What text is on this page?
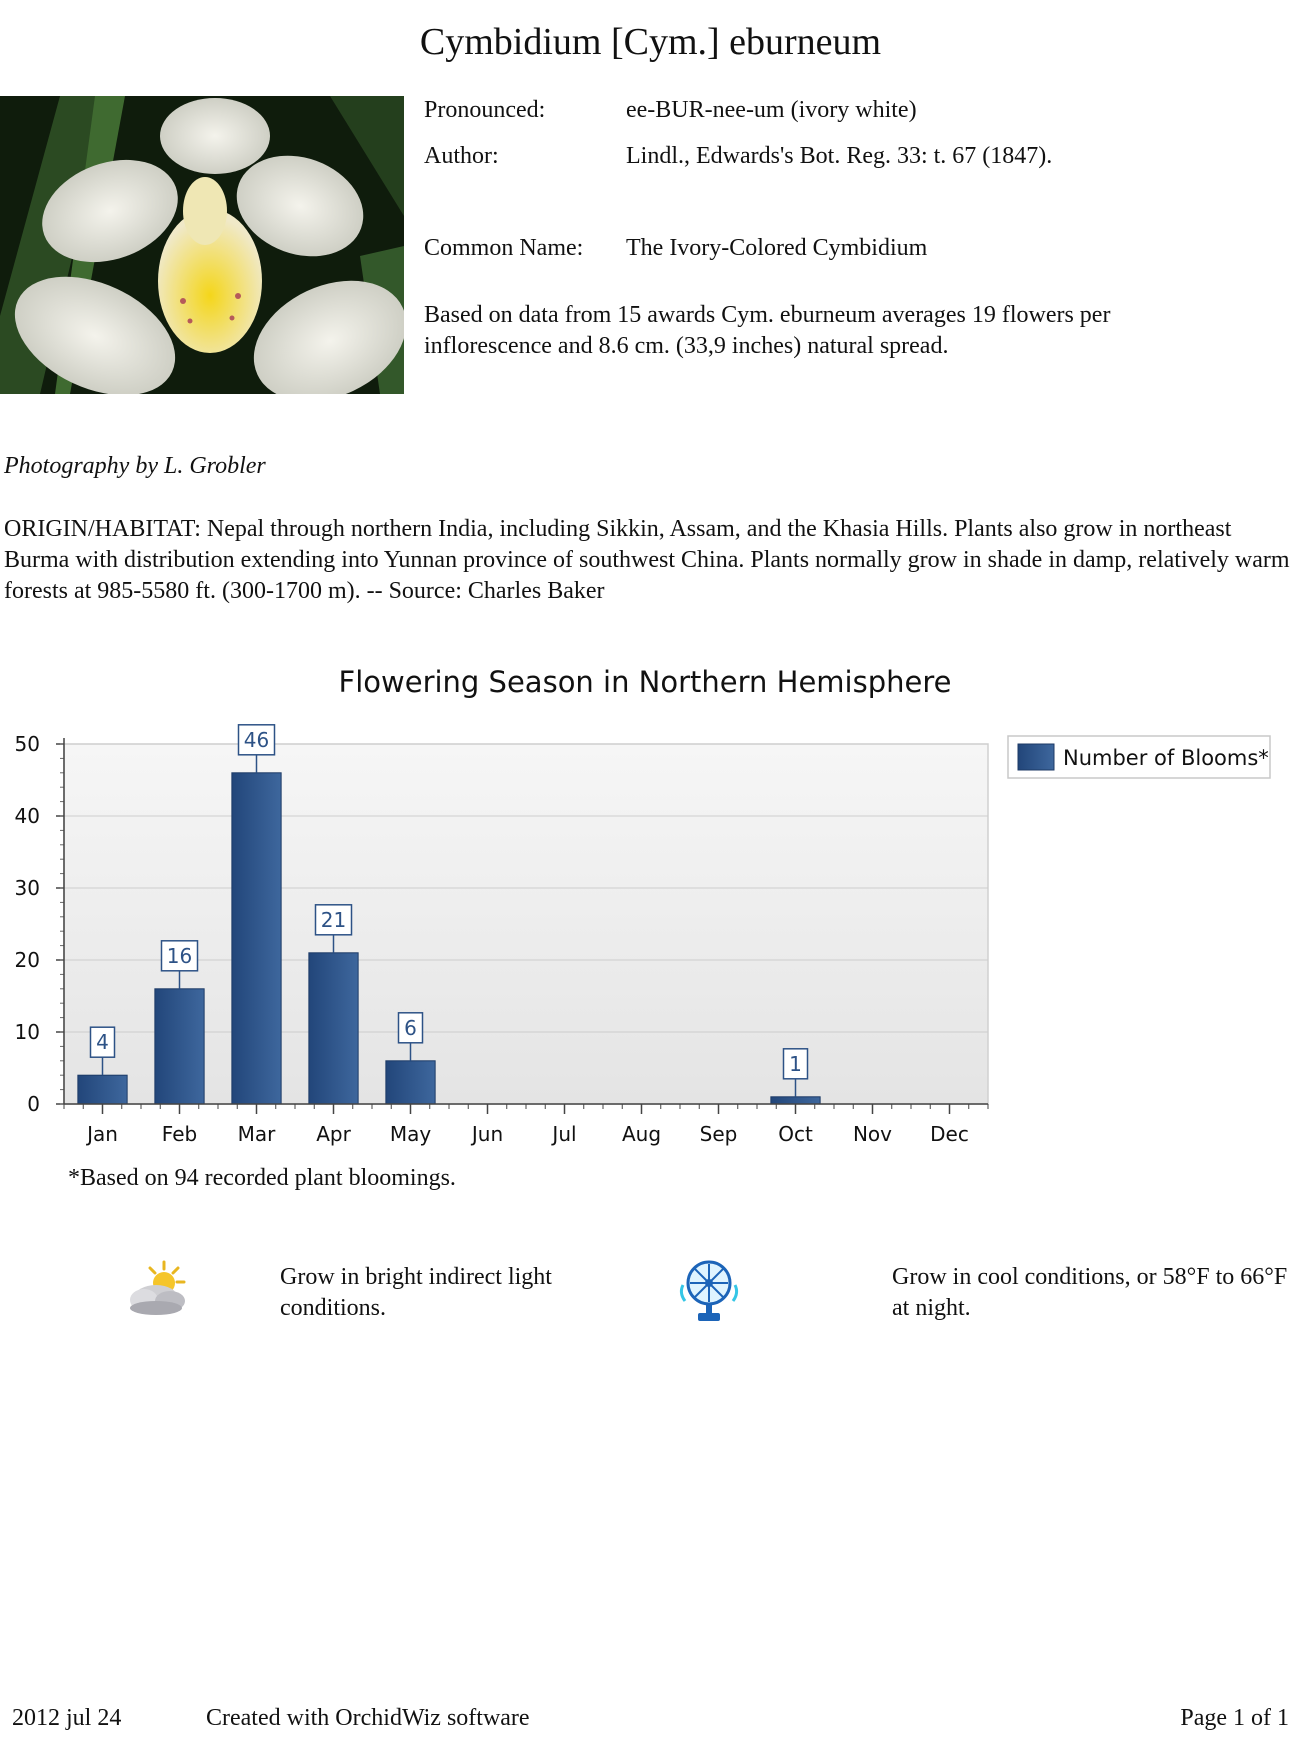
Cymbidium [Cym.] eburneum
Pronounced:	ee-BUR-nee-um (ivory white)
Author:	Lindl., Edwards's Bot. Reg. 33: t. 67 (1847).
Common Name: The Ivory-Colored Cymbidium
Based on data from 15 awards Cym. eburneum averages 19 flowers per inflorescence and 8.6 cm. (33,9 inches) natural spread.
Photography by L. Grobler
ORIGIN/HABITAT: Nepal through northern India, including Sikkin, Assam, and the Khasia Hills. Plants also grow in northeast Burma with distribution extending into Yunnan province of southwest China. Plants normally grow in shade in damp, relatively warm forests at 985-5580 ft. (300-1700 m). -- Source: Charles Baker
Flowering Season in Northern Hemisphere
4
16
46
21
6
1
0
10
20
30
40
50
Jan Feb Mar Apr May Jun Jul Aug Sep Oct Nov Dec
Number of Blooms*
*Based on 94 recorded plant bloomings.
Grow in bright indirect light conditions.
Grow in cool conditions, or 58°F to 66°F at night.
2012 jul 24	Created with OrchidWiz software	Page 1 of 1
